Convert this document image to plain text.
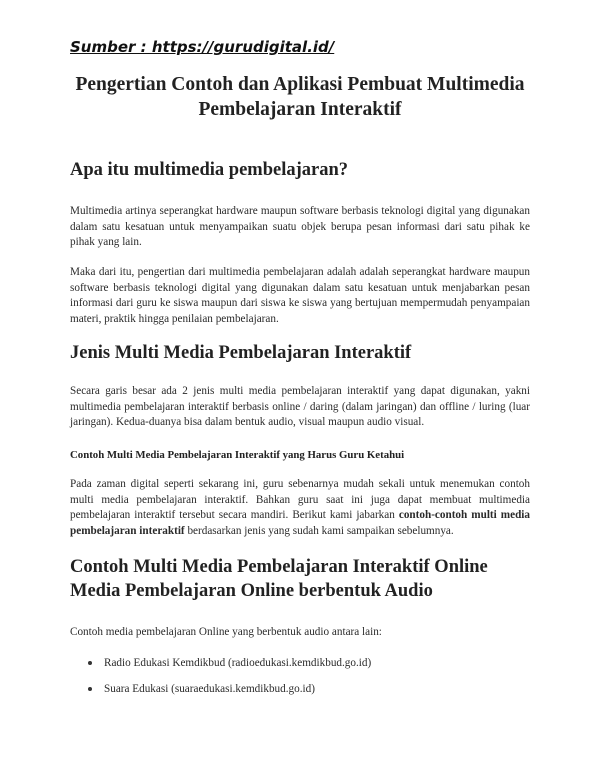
Sumber : https://gurudigital.id/
Pengertian Contoh dan Aplikasi Pembuat Multimedia Pembelajaran Interaktif
Apa itu multimedia pembelajaran?

Multimedia artinya seperangkat hardware maupun software berbasis teknologi digital yang digunakan dalam satu kesatuan untuk menyampaikan suatu objek berupa pesan informasi dari satu pihak ke pihak yang lain.

Maka dari itu, pengertian dari multimedia pembelajaran adalah adalah seperangkat hardware maupun software berbasis teknologi digital yang digunakan dalam satu kesatuan untuk menjabarkan pesan informasi dari guru ke siswa maupun dari siswa ke siswa yang bertujuan mempermudah penyampaian materi, praktik hingga penilaian pembelajaran.

Jenis Multi Media Pembelajaran Interaktif

Secara garis besar ada 2 jenis multi media pembelajaran interaktif yang dapat digunakan, yakni multimedia pembelajaran interaktif berbasis online / daring (dalam jaringan) dan offline / luring (luar jaringan). Kedua-duanya bisa dalam bentuk audio, visual maupun audio visual.

Contoh Multi Media Pembelajaran Interaktif yang Harus Guru Ketahui

Pada zaman digital seperti sekarang ini, guru sebenarnya mudah sekali untuk menemukan contoh multi media pembelajaran interaktif. Bahkan guru saat ini juga dapat membuat multimedia pembelajaran interaktif tersebut secara mandiri. Berikut kami jabarkan contoh-contoh multi media pembelajaran interaktif berdasarkan jenis yang sudah kami sampaikan sebelumnya.

Contoh Multi Media Pembelajaran Interaktif Online Media Pembelajaran Online berbentuk Audio

Contoh media pembelajaran Online yang berbentuk audio antara lain:

Radio Edukasi Kemdikbud (radioedukasi.kemdikbud.go.id)
Suara Edukasi (suaraedukasi.kemdikbud.go.id)
